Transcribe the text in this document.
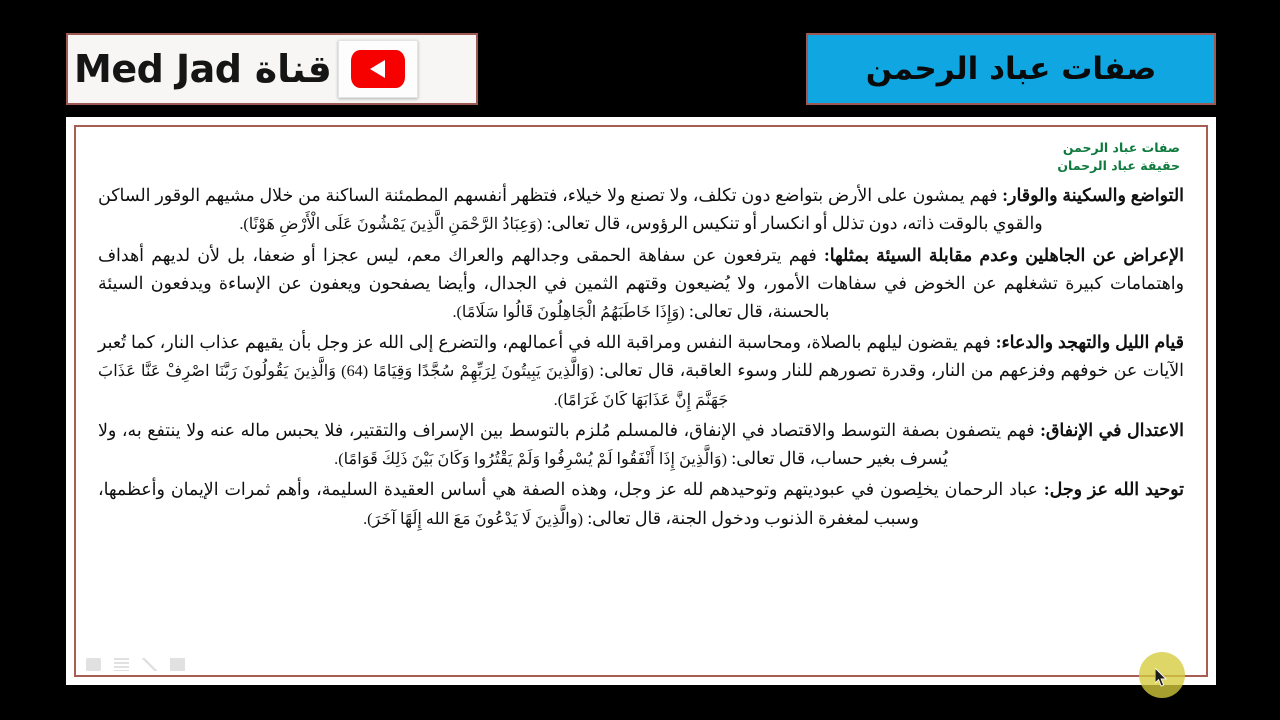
قناة Med Jad	صفات عباد الرحمن
صفات عباد الرحمن
حقيقة عباد الرحمان

التواضع والسكينة والوقار: فهم يمشون على الأرض بتواضع دون تكلف، ولا تصنع ولا خيلاء، فتظهر أنفسهم المطمئنة الساكنة من خلال مشيهم الوقور الساكن والقوي بالوقت ذاته، دون تذلل أو انكسار أو تنكيس الرؤوس، قال تعالى: (وَعِبَادُ الرَّحْمَنِ الَّذِينَ يَمْشُونَ عَلَى الْأَرْضِ هَوْنًا).

الإعراض عن الجاهلين وعدم مقابلة السيئة بمثلها: فهم يترفعون عن سفاهة الحمقى وجدالهم والعراك معم، ليس عجزا أو ضعفا، بل لأن لديهم أهداف واهتمامات كبيرة تشغلهم عن الخوض في سفاهات الأمور، ولا يُضيعون وقتهم الثمين في الجدال، وأيضا يصفحون ويعفون عن الإساءة ويدفعون السيئة بالحسنة، قال تعالى: (وَإِذَا خَاطَبَهُمُ الْجَاهِلُونَ قَالُوا سَلَامًا).

قيام الليل والتهجد والدعاء: فهم يقضون ليلهم بالصلاة، ومحاسبة النفس ومراقبة الله في أعمالهم، والتضرع إلى الله عز وجل بأن يقيهم عذاب النار، كما تُعبر الآيات عن خوفهم وفزعهم من النار، وقدرة تصورهم للنار وسوء العاقبة، قال تعالى: (وَالَّذِينَ يَبِيتُونَ لِرَبِّهِمْ سُجَّدًا وَقِيَامًا (64) وَالَّذِينَ يَقُولُونَ رَبَّنَا اصْرِفْ عَنَّا عَذَابَ جَهَنَّمَ إِنَّ عَذَابَهَا كَانَ غَرَامًا).

الاعتدال في الإنفاق: فهم يتصفون بصفة التوسط والاقتصاد في الإنفاق، فالمسلم مُلزم بالتوسط بين الإسراف والتقتير، فلا يحبس ماله عنه ولا ينتفع به، ولا يُسرف بغير حساب، قال تعالى: (وَالَّذِينَ إِذَا أَنْفَقُوا لَمْ يُسْرِفُوا وَلَمْ يَقْتُرُوا وَكَانَ بَيْنَ ذَلِكَ قَوَامًا).

توحيد الله عز وجل: عباد الرحمان يخلِصون في عبوديتهم وتوحيدهم لله عز وجل، وهذه الصفة هي أساس العقيدة السليمة، وأهم ثمرات الإيمان وأعظمها، وسبب لمغفرة الذنوب ودخول الجنة، قال تعالى: (والَّذِينَ لَا يَدْعُونَ مَعَ الله إِلَهًا آخَرَ).
